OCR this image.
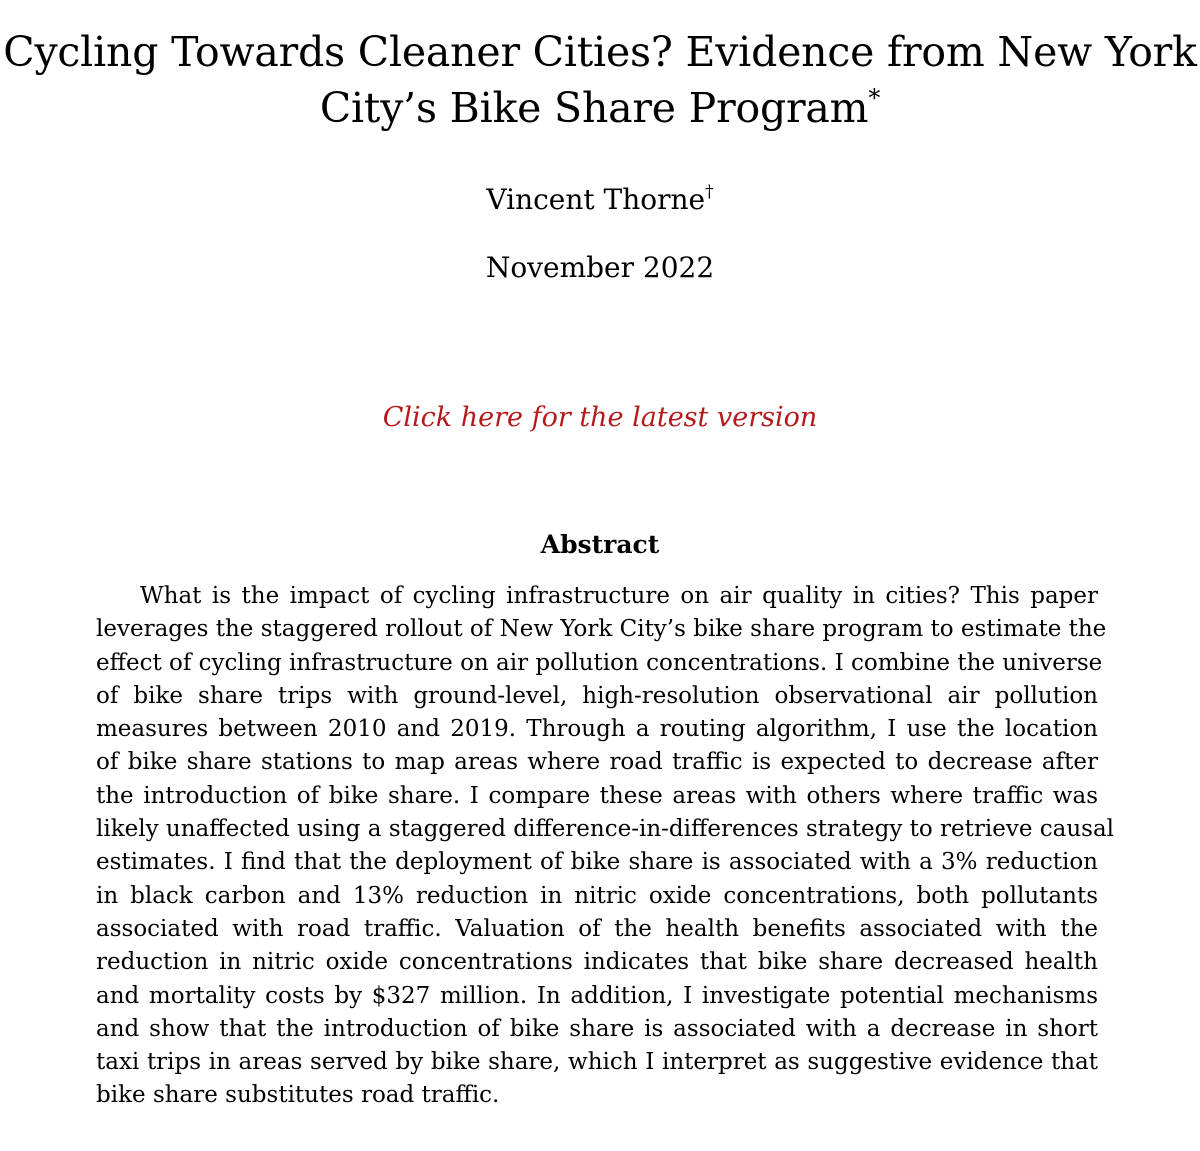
Cycling Towards Cleaner Cities? Evidence from New York
City’s Bike Share Program*
Vincent Thorne†
November 2022
Click here for the latest version
Abstract
What is the impact of cycling infrastructure on air quality in cities? This paper
leverages the staggered rollout of New York City’s bike share program to estimate the
effect of cycling infrastructure on air pollution concentrations. I combine the universe
of bike share trips with ground-level, high-resolution observational air pollution
measures between 2010 and 2019. Through a routing algorithm, I use the location
of bike share stations to map areas where road traffic is expected to decrease after
the introduction of bike share. I compare these areas with others where traffic was
likely unaffected using a staggered difference-in-differences strategy to retrieve causal
estimates. I find that the deployment of bike share is associated with a 3% reduction
in black carbon and 13% reduction in nitric oxide concentrations, both pollutants
associated with road traffic. Valuation of the health benefits associated with the
reduction in nitric oxide concentrations indicates that bike share decreased health
and mortality costs by $327 million. In addition, I investigate potential mechanisms
and show that the introduction of bike share is associated with a decrease in short
taxi trips in areas served by bike share, which I interpret as suggestive evidence that
bike share substitutes road traffic.
